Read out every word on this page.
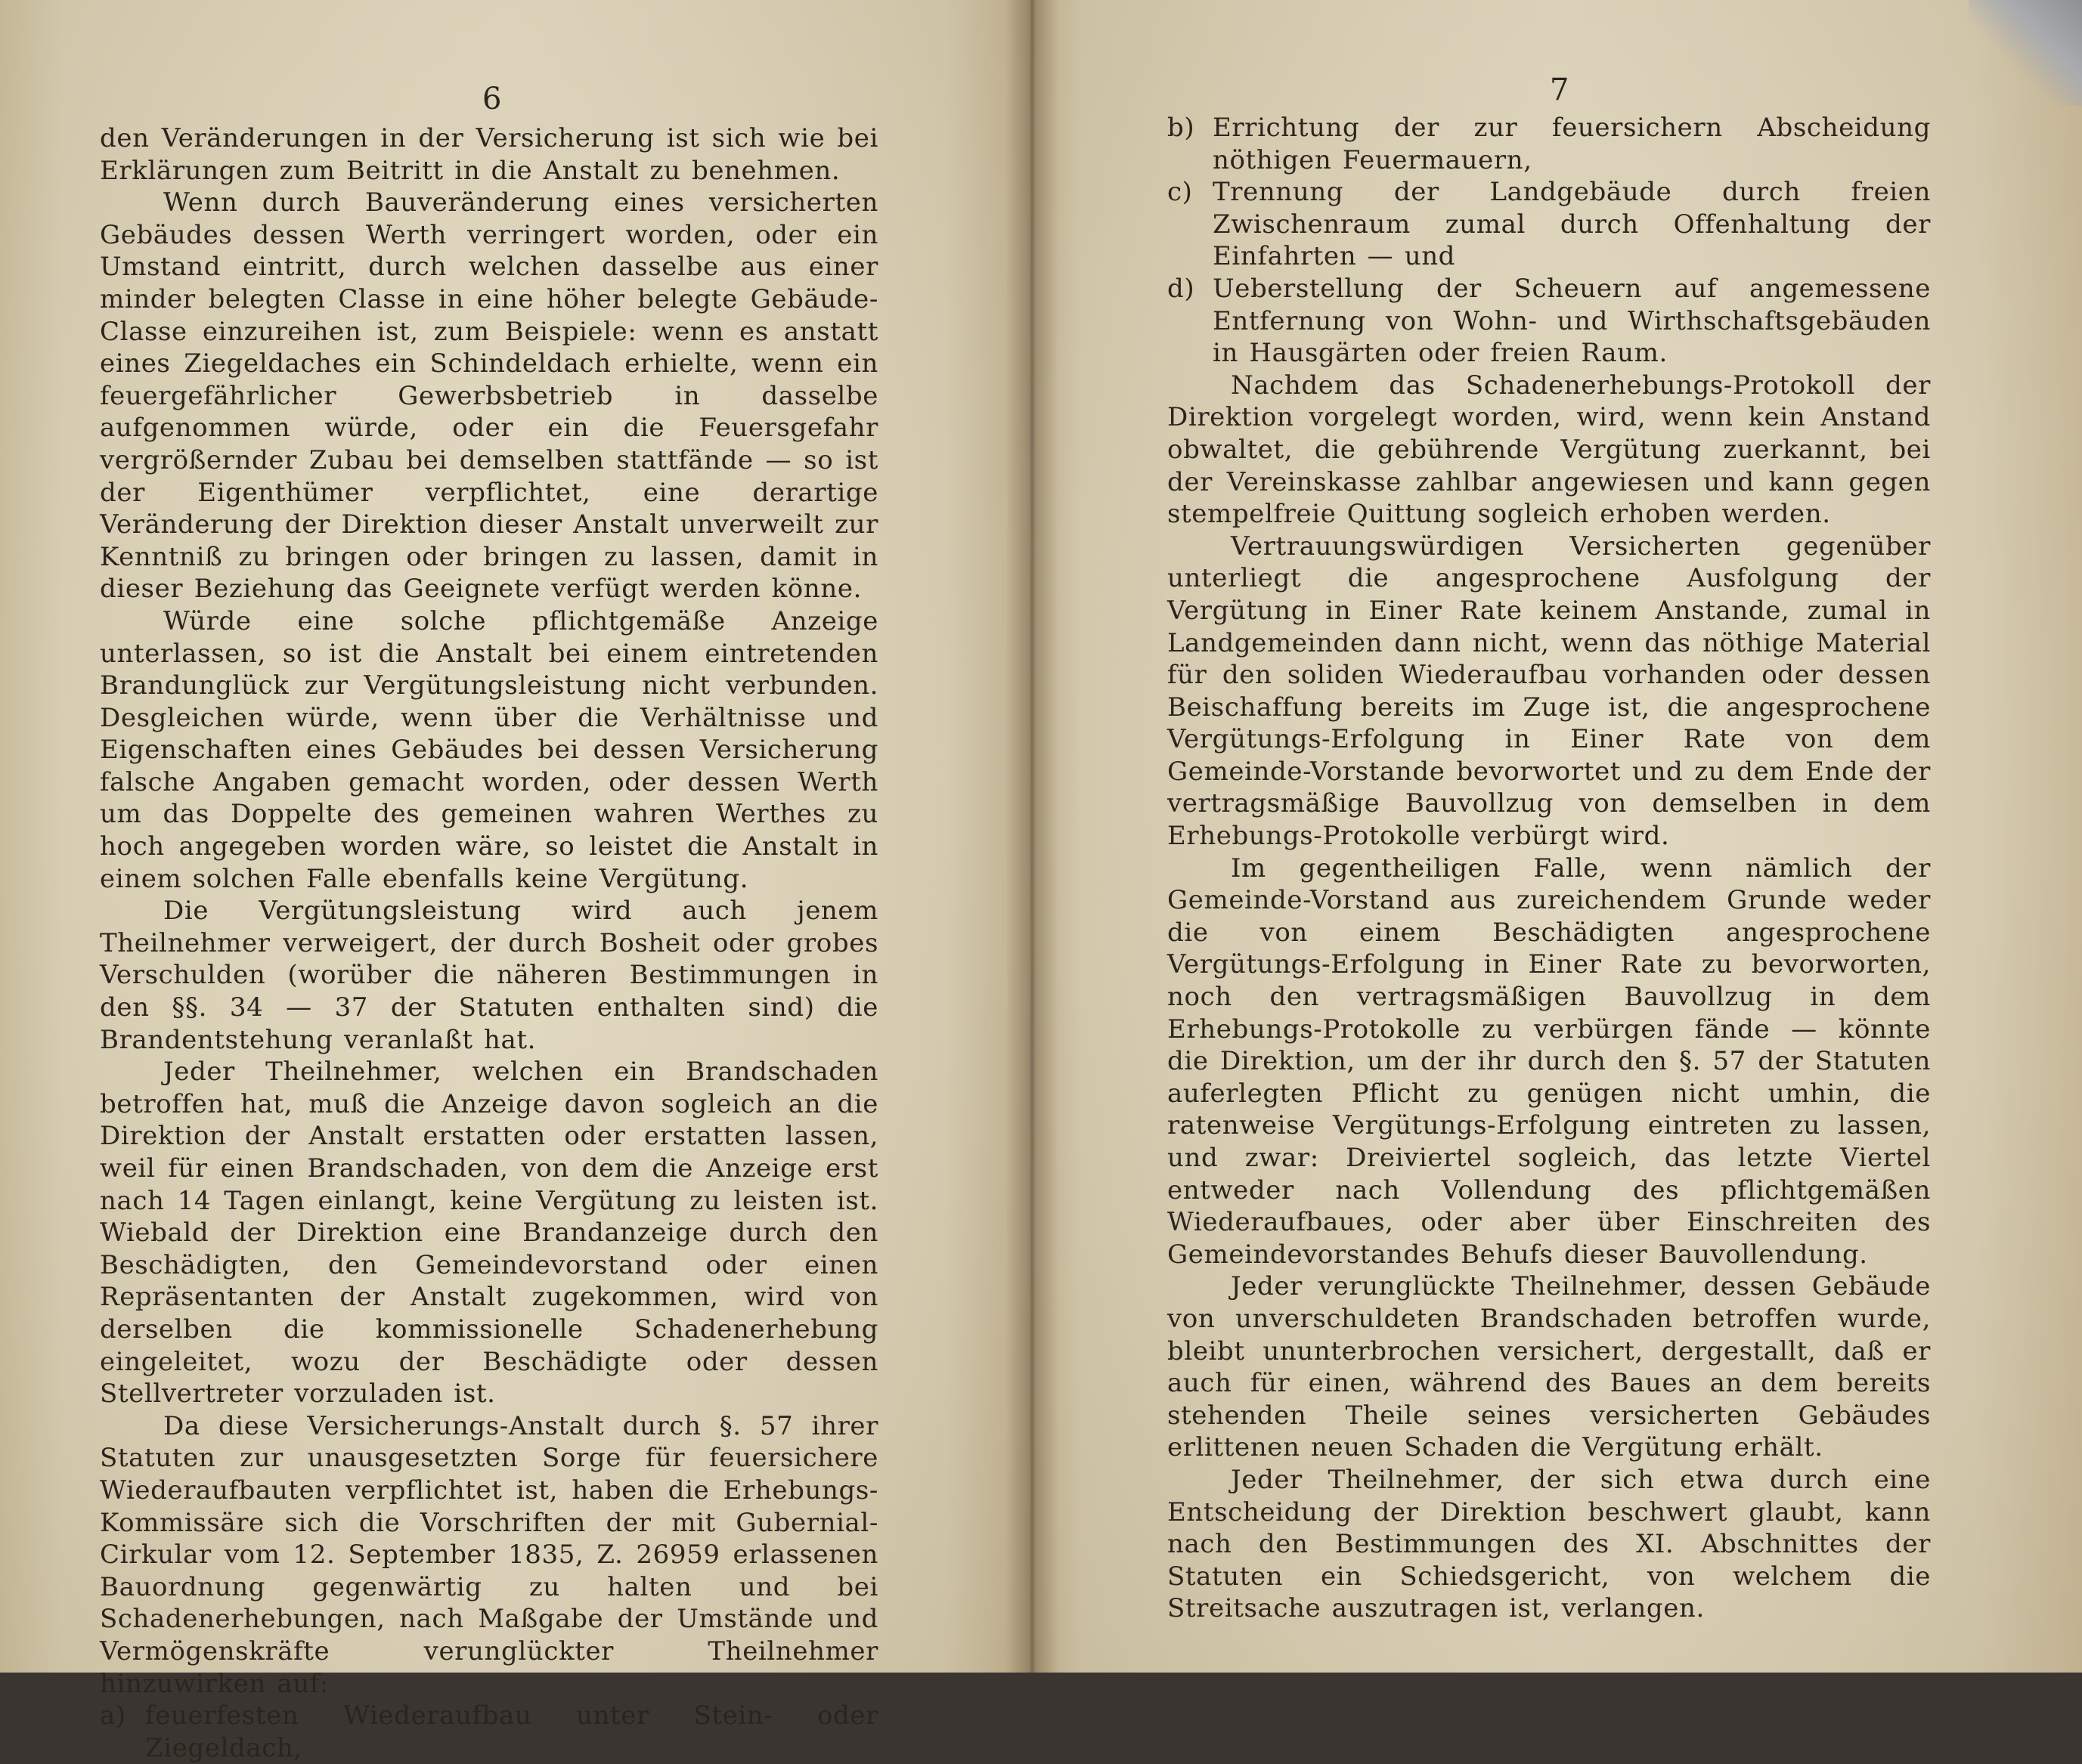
6

den Veränderungen in der Versicherung ist sich wie bei Erklärungen zum Beitritt in die Anstalt zu benehmen.

Wenn durch Bauveränderung eines versicherten Gebäudes dessen Werth verringert worden, oder ein Umstand eintritt, durch welchen dasselbe aus einer minder belegten Classe in eine höher belegte Gebäude-Classe einzureihen ist, zum Beispiele: wenn es anstatt eines Ziegeldaches ein Schindeldach erhielte, wenn ein feuergefährlicher Gewerbsbetrieb in dasselbe aufgenommen würde, oder ein die Feuersgefahr vergrößernder Zubau bei demselben stattfände — so ist der Eigenthümer verpflichtet, eine derartige Veränderung der Direktion dieser Anstalt unverweilt zur Kenntniß zu bringen oder bringen zu lassen, damit in dieser Beziehung das Geeignete verfügt werden könne.

Würde eine solche pflichtgemäße Anzeige unterlassen, so ist die Anstalt bei einem eintretenden Brandunglück zur Vergütungsleistung nicht verbunden. Desgleichen würde, wenn über die Verhältnisse und Eigenschaften eines Gebäudes bei dessen Versicherung falsche Angaben gemacht worden, oder dessen Werth um das Doppelte des gemeinen wahren Werthes zu hoch angegeben worden wäre, so leistet die Anstalt in einem solchen Falle ebenfalls keine Vergütung.

Die Vergütungsleistung wird auch jenem Theilnehmer verweigert, der durch Bosheit oder grobes Verschulden (worüber die näheren Bestimmungen in den §§. 34 — 37 der Statuten enthalten sind) die Brandentstehung veranlaßt hat.

Jeder Theilnehmer, welchen ein Brandschaden betroffen hat, muß die Anzeige davon sogleich an die Direktion der Anstalt erstatten oder erstatten lassen, weil für einen Brandschaden, von dem die Anzeige erst nach 14 Tagen einlangt, keine Vergütung zu leisten ist. Wiebald der Direktion eine Brandanzeige durch den Beschädigten, den Gemeindevorstand oder einen Repräsentanten der Anstalt zugekommen, wird von derselben die kommissionelle Schadenerhebung eingeleitet, wozu der Beschädigte oder dessen Stellvertreter vorzuladen ist.

Da diese Versicherungs-Anstalt durch §. 57 ihrer Statuten zur unausgesetzten Sorge für feuersichere Wiederaufbauten verpflichtet ist, haben die Erhebungs-Kommissäre sich die Vorschriften der mit Gubernial-Cirkular vom 12. September 1835, Z. 26959 erlassenen Bauordnung gegenwärtig zu halten und bei Schadenerhebungen, nach Maßgabe der Umstände und Vermögenskräfte verunglückter Theilnehmer hinzuwirken auf:

a) feuerfesten Wiederaufbau unter Stein- oder Ziegeldach,
7
b) Errichtung der zur feuersichern Abscheidung nöthigen Feuermauern,
c) Trennung der Landgebäude durch freien Zwischenraum zumal durch Offenhaltung der Einfahrten — und
d) Ueberstellung der Scheuern auf angemessene Entfernung von Wohn- und Wirthschaftsgebäuden in Hausgärten oder freien Raum.

Nachdem das Schadenerhebungs-Protokoll der Direktion vorgelegt worden, wird, wenn kein Anstand obwaltet, die gebührende Vergütung zuerkannt, bei der Vereinskasse zahlbar angewiesen und kann gegen stempelfreie Quittung sogleich erhoben werden.

Vertrauungswürdigen Versicherten gegenüber unterliegt die angesprochene Ausfolgung der Vergütung in Einer Rate keinem Anstande, zumal in Landgemeinden dann nicht, wenn das nöthige Material für den soliden Wiederaufbau vorhanden oder dessen Beischaffung bereits im Zuge ist, die angesprochene Vergütungs-Erfolgung in Einer Rate von dem Gemeinde-Vorstande bevorwortet und zu dem Ende der vertragsmäßige Bauvollzug von demselben in dem Erhebungs-Protokolle verbürgt wird.

Im gegentheiligen Falle, wenn nämlich der Gemeinde-Vorstand aus zureichendem Grunde weder die von einem Beschädigten angesprochene Vergütungs-Erfolgung in Einer Rate zu bevorworten, noch den vertragsmäßigen Bauvollzug in dem Erhebungs-Protokolle zu verbürgen fände — könnte die Direktion, um der ihr durch den §. 57 der Statuten auferlegten Pflicht zu genügen nicht umhin, die ratenweise Vergütungs-Erfolgung eintreten zu lassen, und zwar: Dreiviertel sogleich, das letzte Viertel entweder nach Vollendung des pflichtgemäßen Wiederaufbaues, oder aber über Einschreiten des Gemeindevorstandes Behufs dieser Bauvollendung.

Jeder verunglückte Theilnehmer, dessen Gebäude von unverschuldeten Brandschaden betroffen wurde, bleibt ununterbrochen versichert, dergestallt, daß er auch für einen, während des Baues an dem bereits stehenden Theile seines versicherten Gebäudes erlittenen neuen Schaden die Vergütung erhält.

Jeder Theilnehmer, der sich etwa durch eine Entscheidung der Direktion beschwert glaubt, kann nach den Bestimmungen des XI. Abschnittes der Statuten ein Schiedsgericht, von welchem die Streitsache auszutragen ist, verlangen.
